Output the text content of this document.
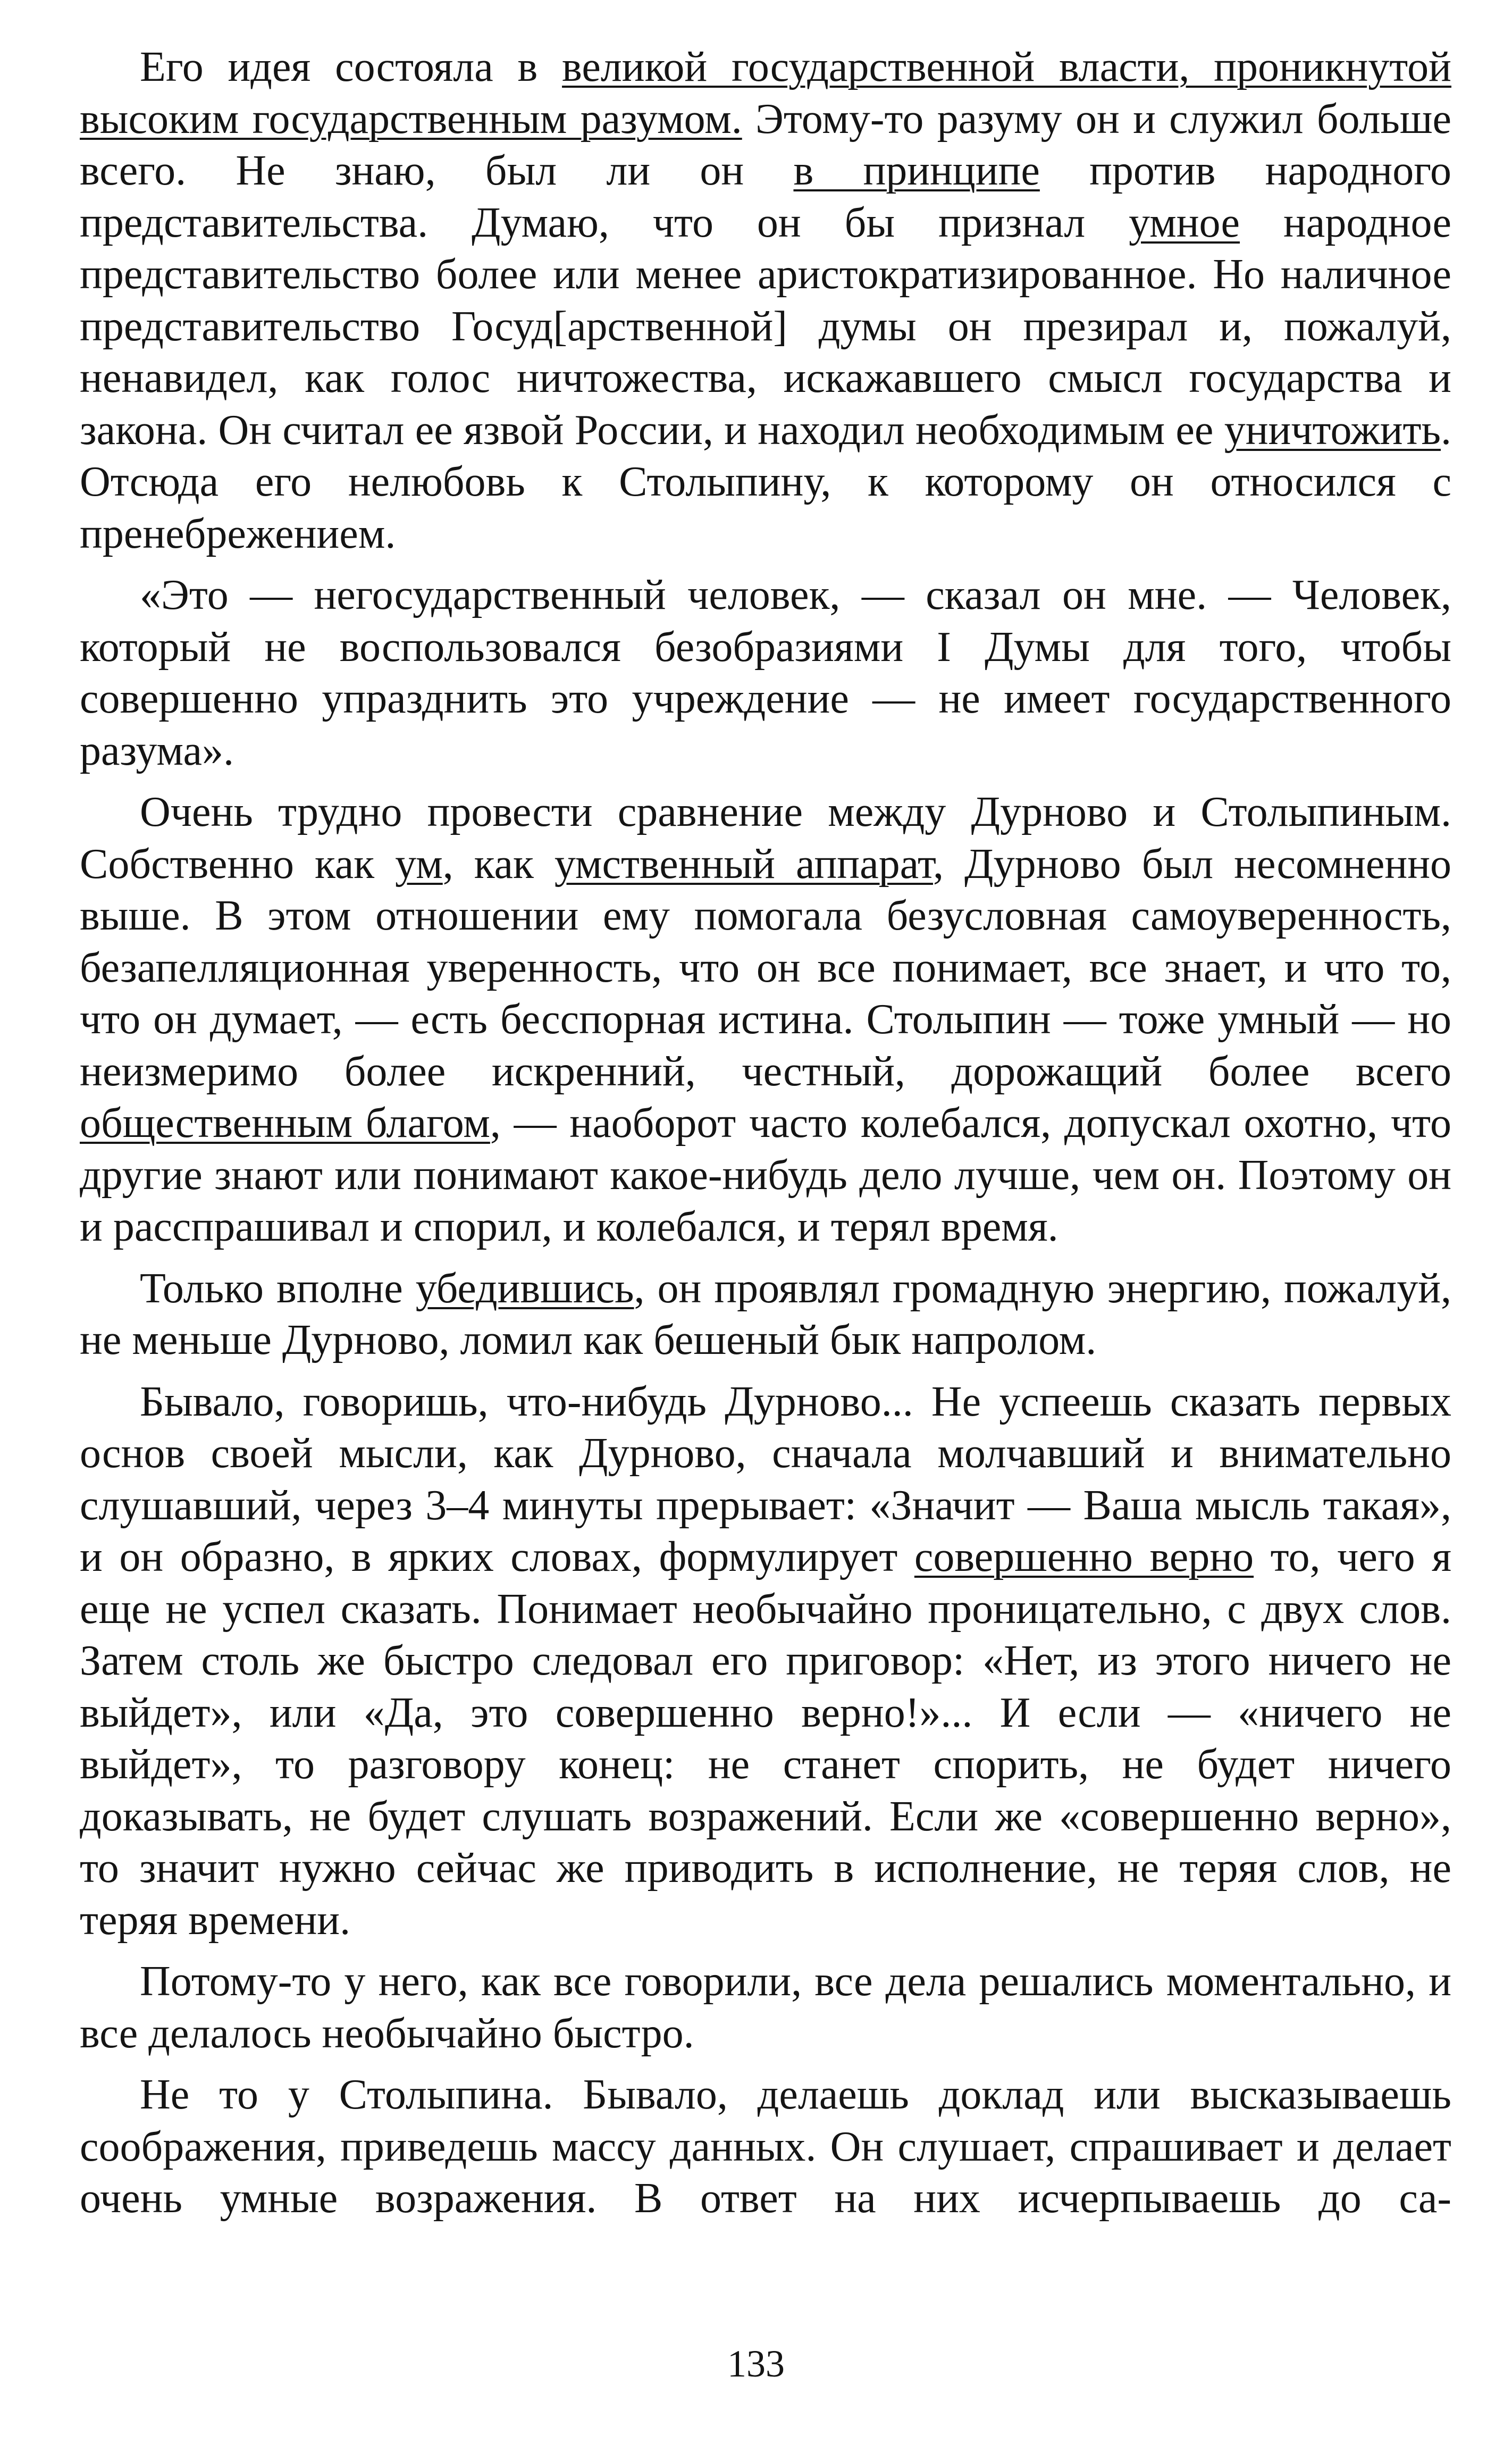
Его идея состояла в великой государственной власти, проникнутой высоким государственным разумом. Этому-то разуму он и служил больше всего. Не знаю, был ли он в принципе против народного представительства. Думаю, что он бы признал умное народное представительство более или менее аристократизированное. Но наличное представительство Госуд[арственной] думы он презирал и, пожалуй, ненавидел, как голос ничтожества, искажавшего смысл государства и закона. Он считал ее язвой России, и находил необходимым ее уничтожить. Отсюда его нелюбовь к Столыпину, к которому он относился с пренебрежением.

«Это — негосударственный человек, — сказал он мне. — Человек, который не воспользовался безобразиями I Думы для того, чтобы совершенно упразднить это учреждение — не имеет государственного разума».

Очень трудно провести сравнение между Дурново и Столыпиным. Собственно как ум, как умственный аппарат, Дурново был несомненно выше. В этом отношении ему помогала безусловная самоуверенность, безапелляционная уверенность, что он все понимает, все знает, и что то, что он думает, — есть бесспорная истина. Столыпин — тоже умный — но неизмеримо более искренний, честный, дорожащий более всего общественным благом, — наоборот часто колебался, допускал охотно, что другие знают или понимают какое-нибудь дело лучше, чем он. Поэтому он и расспрашивал и спорил, и колебался, и терял время.

Только вполне убедившись, он проявлял громадную энергию, пожалуй, не меньше Дурново, ломил как бешеный бык напролом.

Бывало, говоришь, что-нибудь Дурново... Не успеешь сказать первых основ своей мысли, как Дурново, сначала молчавший и внимательно слушавший, через 3–4 минуты прерывает: «Значит — Ваша мысль такая», и он образно, в ярких словах, формулирует совершенно верно то, чего я еще не успел сказать. Понимает необычайно проницательно, с двух слов. Затем столь же быстро следовал его приговор: «Нет, из этого ничего не выйдет», или «Да, это совершенно верно!»... И если — «ничего не выйдет», то разговору конец: не станет спорить, не будет ничего доказывать, не будет слушать возражений. Если же «совершенно верно», то значит нужно сейчас же приводить в исполнение, не теряя слов, не теряя времени.

Потому-то у него, как все говорили, все дела решались моментально, и все делалось необычайно быстро.

Не то у Столыпина. Бывало, делаешь доклад или высказываешь соображения, приведешь массу данных. Он слушает, спрашивает и делает очень умные возражения. В ответ на них исчерпываешь до са-

133
